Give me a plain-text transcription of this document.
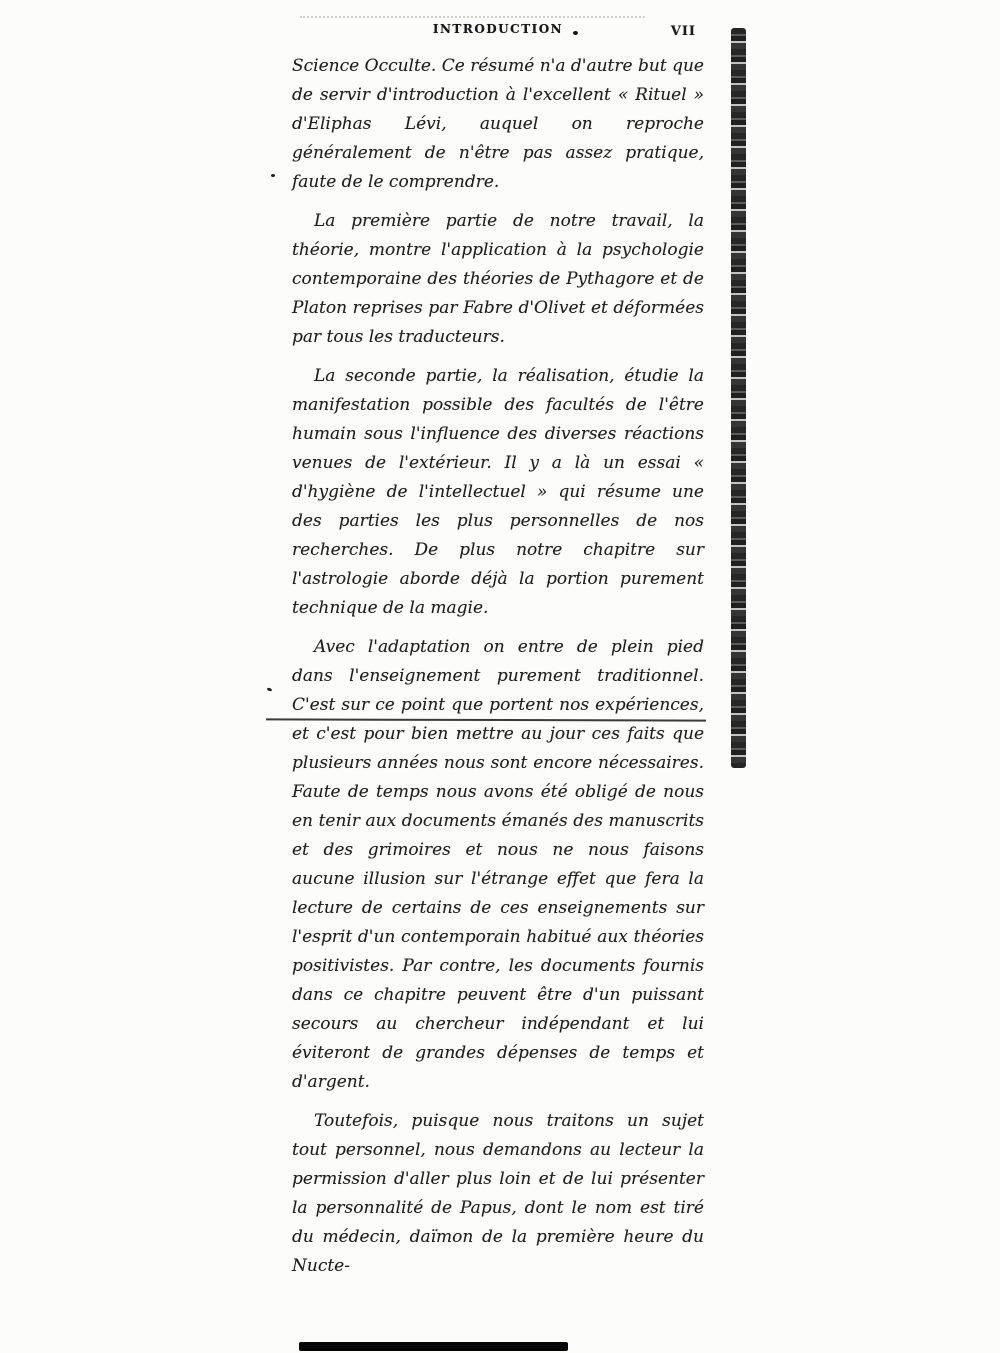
INTRODUCTION	VII

Science Occulte. Ce résumé n'a d'autre but que de servir d'introduction à l'excellent « Rituel » d'Eliphas Lévi, auquel on reproche généralement de n'être pas assez pratique, faute de le comprendre.

La première partie de notre travail, la théorie, montre l'application à la psychologie contemporaine des théories de Pythagore et de Platon reprises par Fabre d'Olivet et déformées par tous les traducteurs.

La seconde partie, la réalisation, étudie la manifestation possible des facultés de l'être humain sous l'influence des diverses réactions venues de l'extérieur. Il y a là un essai « d'hygiène de l'intellectuel » qui résume une des parties les plus personnelles de nos recherches. De plus notre chapitre sur l'astrologie aborde déjà la portion purement technique de la magie.

Avec l'adaptation on entre de plein pied dans l'enseignement purement traditionnel. C'est sur ce point que portent nos expériences, et c'est pour bien mettre au jour ces faits que plusieurs années nous sont encore nécessaires. Faute de temps nous avons été obligé de nous en tenir aux documents émanés des manuscrits et des grimoires et nous ne nous faisons aucune illusion sur l'étrange effet que fera la lecture de certains de ces enseignements sur l'esprit d'un contemporain habitué aux théories positivistes. Par contre, les documents fournis dans ce chapitre peuvent être d'un puissant secours au chercheur indépendant et lui éviteront de grandes dépenses de temps et d'argent.

Toutefois, puisque nous traitons un sujet tout personnel, nous demandons au lecteur la permission d'aller plus loin et de lui présenter la personnalité de Papus, dont le nom est tiré du médecin, daïmon de la première heure du Nucte-
